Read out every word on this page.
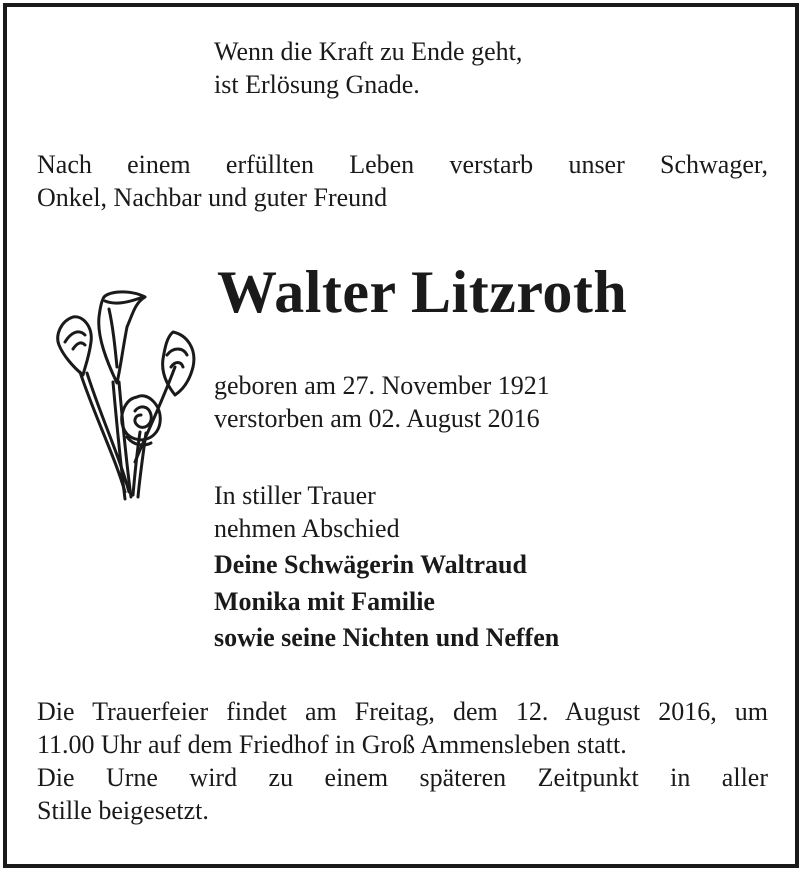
Wenn die Kraft zu Ende geht,
ist Erlösung Gnade.
Nach einem erfüllten Leben verstarb unser Schwager,
Onkel, Nachbar und guter Freund
Walter Litzroth
geboren am 27. November 1921
verstorben am 02. August 2016
In stiller Trauer
nehmen Abschied
Deine Schwägerin Waltraud
Monika mit Familie
sowie seine Nichten und Neffen
Die Trauerfeier findet am Freitag, dem 12. August 2016, um
11.00 Uhr auf dem Friedhof in Groß Ammensleben statt.
Die Urne wird zu einem späteren Zeitpunkt in aller
Stille beigesetzt.
